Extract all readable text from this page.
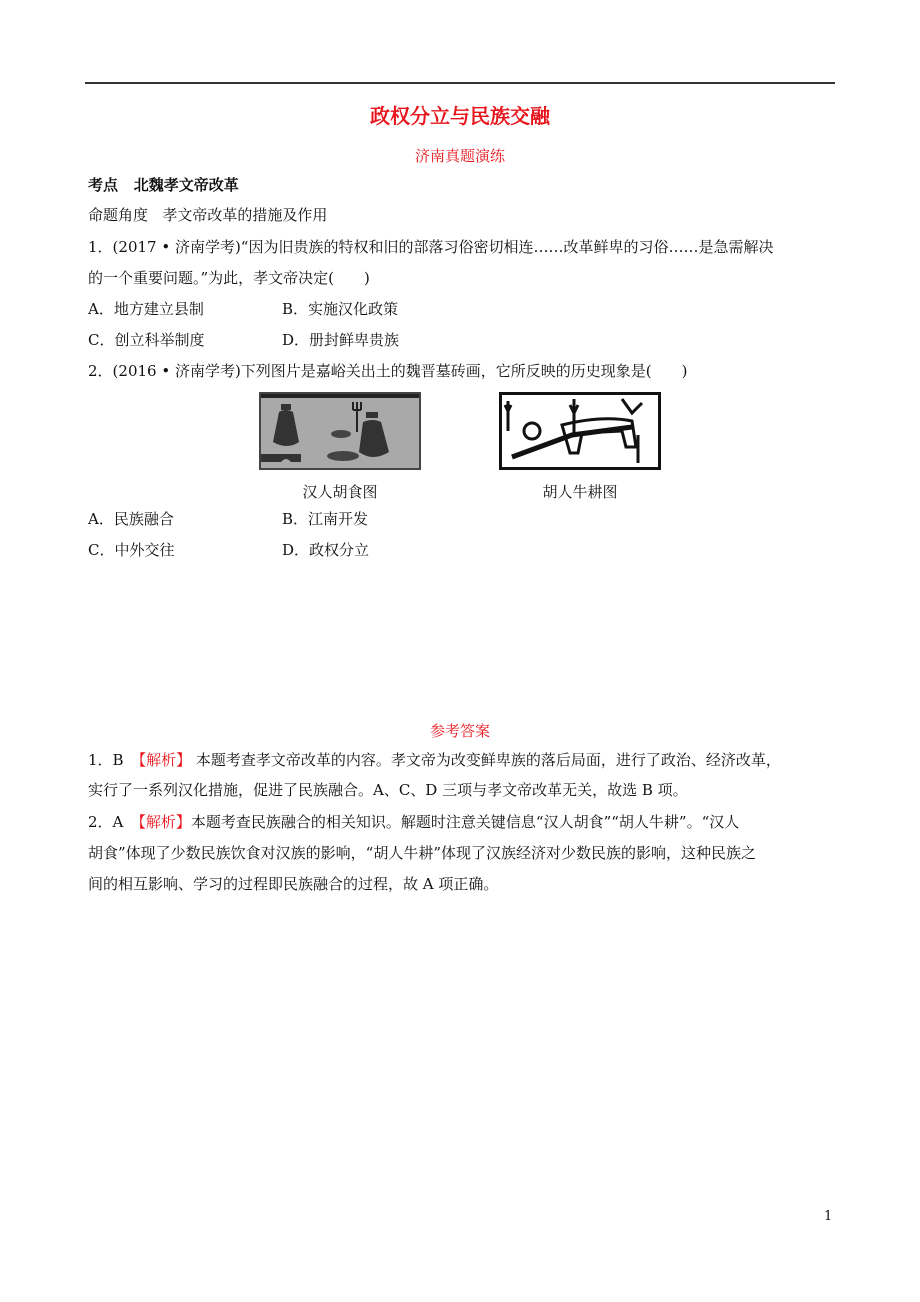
政权分立与民族交融
济南真题演练
考点 北魏孝文帝改革
命题角度 孝文帝改革的措施及作用
1．(2017 • 济南学考)“因为旧贵族的特权和旧的部落习俗密切相连……改革鲜卑的习俗……是急需解决
的一个重要问题。”为此，孝文帝决定(　　)
A．地方建立县制	B．实施汉化政策
C．创立科举制度	D．册封鲜卑贵族
2．(2016 • 济南学考)下列图片是嘉峪关出土的魏晋墓砖画，它所反映的历史现象是(　　)
汉人胡食图	胡人牛耕图
A．民族融合	B．江南开发
C．中外交往	D．政权分立
参考答案
1．B　【解析】 本题考查孝文帝改革的内容。孝文帝为改变鲜卑族的落后局面，进行了政治、经济改革，
实行了一系列汉化措施，促进了民族融合。A、C、D 三项与孝文帝改革无关，故选 B 项。
2．A　【解析】本题考查民族融合的相关知识。解题时注意关键信息“汉人胡食”“胡人牛耕”。“汉人
胡食”体现了少数民族饮食对汉族的影响，“胡人牛耕”体现了汉族经济对少数民族的影响，这种民族之
间的相互影响、学习的过程即民族融合的过程，故 A 项正确。
1
